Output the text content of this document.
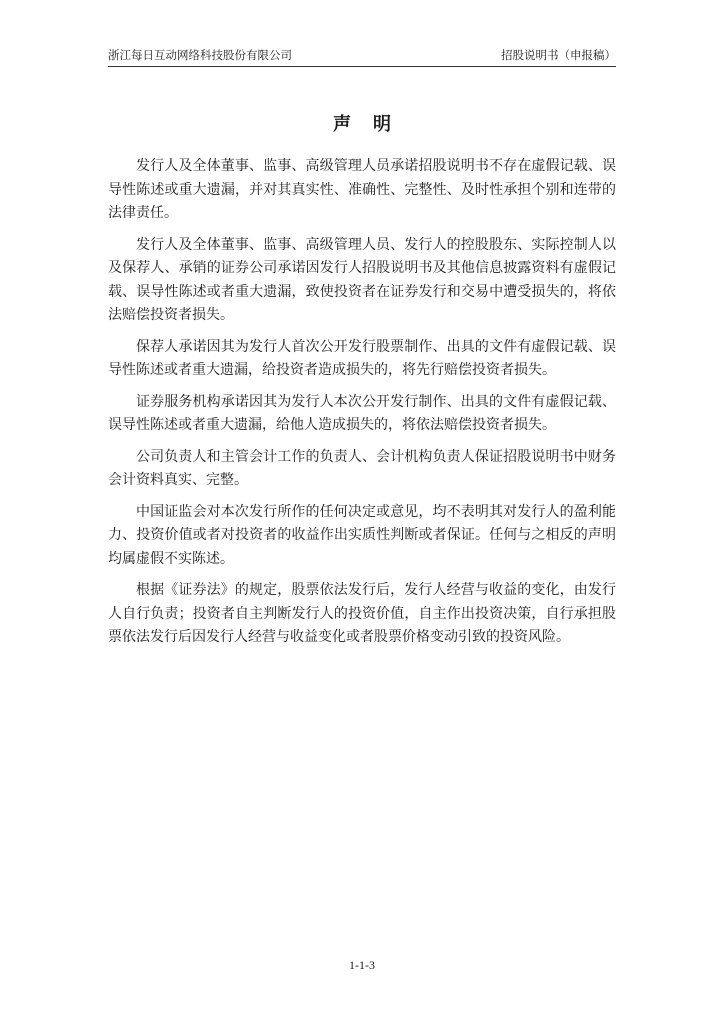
浙江每日互动网络科技股份有限公司	招股说明书（申报稿）
声明

发行人及全体董事、监事、高级管理人员承诺招股说明书不存在虚假记载、误导性陈述或重大遗漏，并对其真实性、准确性、完整性、及时性承担个别和连带的法律责任。

发行人及全体董事、监事、高级管理人员、发行人的控股股东、实际控制人以及保荐人、承销的证券公司承诺因发行人招股说明书及其他信息披露资料有虚假记载、误导性陈述或者重大遗漏，致使投资者在证券发行和交易中遭受损失的，将依法赔偿投资者损失。

保荐人承诺因其为发行人首次公开发行股票制作、出具的文件有虚假记载、误导性陈述或者重大遗漏，给投资者造成损失的，将先行赔偿投资者损失。

证券服务机构承诺因其为发行人本次公开发行制作、出具的文件有虚假记载、误导性陈述或者重大遗漏，给他人造成损失的，将依法赔偿投资者损失。

公司负责人和主管会计工作的负责人、会计机构负责人保证招股说明书中财务会计资料真实、完整。

中国证监会对本次发行所作的任何决定或意见，均不表明其对发行人的盈利能力、投资价值或者对投资者的收益作出实质性判断或者保证。任何与之相反的声明均属虚假不实陈述。

根据《证券法》的规定，股票依法发行后，发行人经营与收益的变化，由发行人自行负责；投资者自主判断发行人的投资价值，自主作出投资决策，自行承担股票依法发行后因发行人经营与收益变化或者股票价格变动引致的投资风险。

1-1-3
